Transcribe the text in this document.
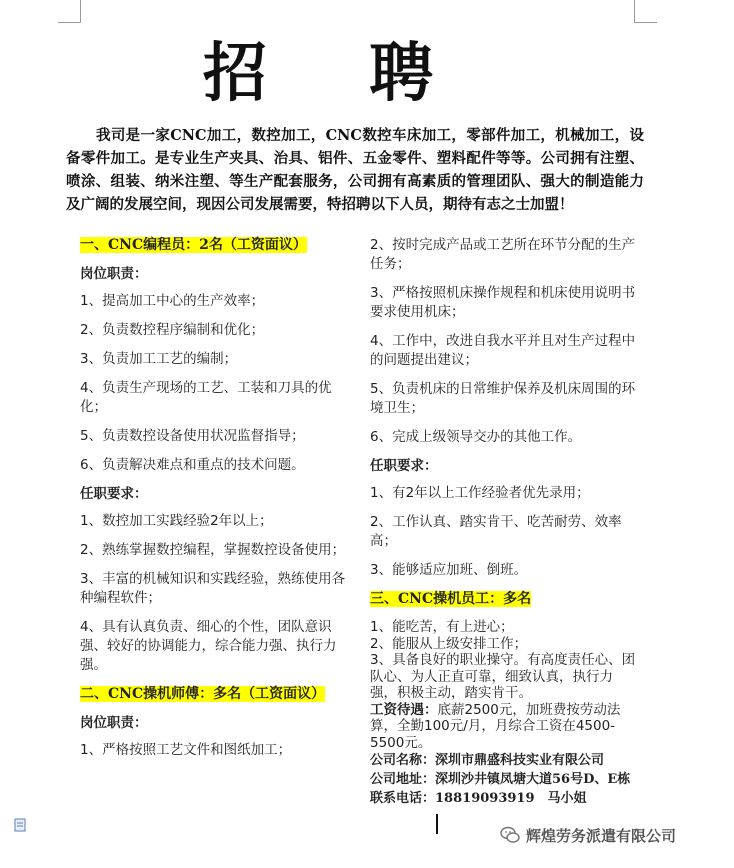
招 聘

我司是一家CNC加工，数控加工，CNC数控车床加工，零部件加工，机械加工，设备零件加工。是专业生产夹具、治具、铝件、五金零件、塑料配件等等。公司拥有注塑、喷涂、组装、纳米注塑、等生产配套服务，公司拥有高素质的管理团队、强大的制造能力及广阔的发展空间，现因公司发展需要，特招聘以下人员，期待有志之士加盟！

一、CNC编程员：2名（工资面议）

岗位职责：

1、提高加工中心的生产效率；

2、负责数控程序编制和优化；

3、负责加工工艺的编制；

4、负责生产现场的工艺、工装和刀具的优化；

5、负责数控设备使用状况监督指导；

6、负责解决难点和重点的技术问题。

任职要求：

1、数控加工实践经验2年以上；

2、熟练掌握数控编程，掌握数控设备使用；

3、丰富的机械知识和实践经验，熟练使用各种编程软件；

4、具有认真负责、细心的个性，团队意识强、较好的协调能力，综合能力强、执行力强。

二、CNC操机师傅：多名（工资面议）

岗位职责：

1、严格按照工艺文件和图纸加工；

2、按时完成产品或工艺所在环节分配的生产任务；

3、严格按照机床操作规程和机床使用说明书要求使用机床；

4、工作中，改进自我水平并且对生产过程中的问题提出建议；

5、负责机床的日常维护保养及机床周围的环境卫生；

6、完成上级领导交办的其他工作。

任职要求：

1、有2年以上工作经验者优先录用；

2、工作认真、踏实肯干、吃苦耐劳、效率高；

3、能够适应加班、倒班。

三、CNC操机员工：多名

1、能吃苦，有上进心；

2、能服从上级安排工作；

3、具备良好的职业操守。有高度责任心、团队心、为人正直可靠，细致认真，执行力强，积极主动，踏实肯干。

工资待遇：底薪2500元，加班费按劳动法算，全勤100元/月，月综合工资在4500-5500元。

公司名称：深圳市鼎盛科技实业有限公司

公司地址：深圳沙井镇凤塘大道56号D、E栋

联系电话：18819093919　马小姐

辉煌劳务派遣有限公司
